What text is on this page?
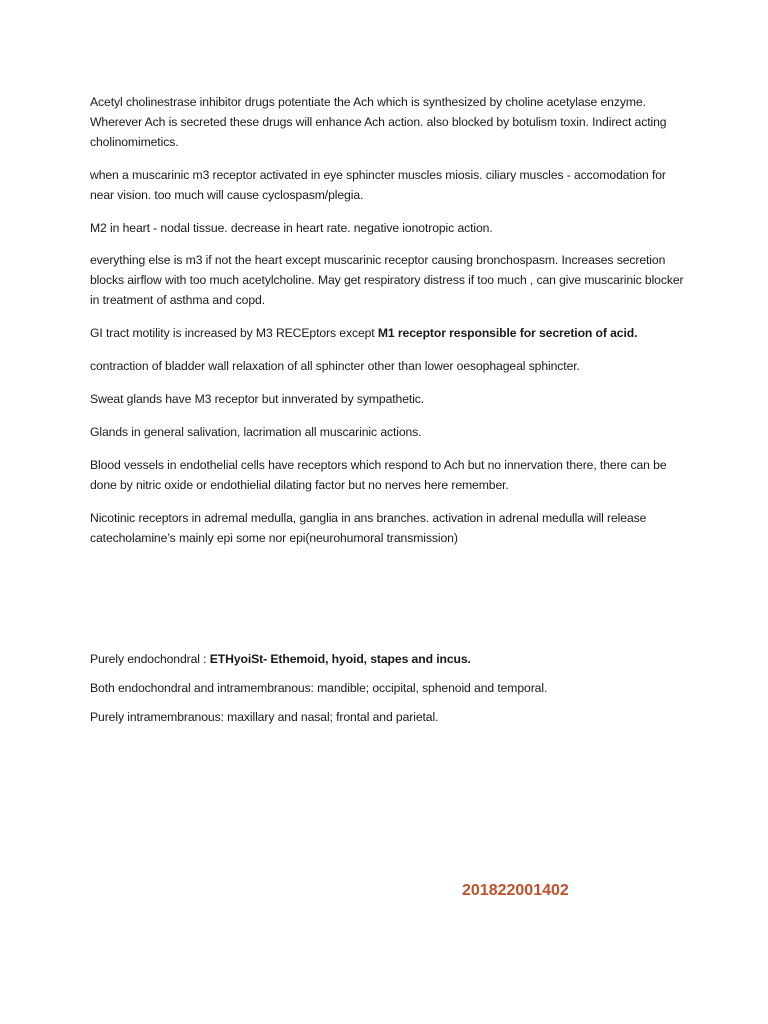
Acetyl cholinestrase inhibitor drugs potentiate the Ach which is synthesized by choline acetylase enzyme. Wherever Ach is secreted these drugs will enhance Ach action. also blocked by botulism toxin. Indirect acting cholinomimetics.

when a muscarinic m3 receptor activated in eye sphincter muscles miosis. ciliary muscles - accomodation for near vision. too much will cause cyclospasm/plegia.

M2 in heart - nodal tissue. decrease in heart rate. negative ionotropic action.

everything else is m3 if not the heart except muscarinic receptor causing bronchospasm. Increases secretion blocks airflow with too much acetylcholine. May get respiratory distress if too much , can give muscarinic blocker in treatment of asthma and copd.

GI tract motility is increased by M3 RECEptors except M1 receptor responsible for secretion of acid.

contraction of bladder wall relaxation of all sphincter other than lower oesophageal sphincter.

Sweat glands have M3 receptor but innverated by sympathetic.

Glands in general salivation, lacrimation all muscarinic actions.

Blood vessels in endothelial cells have receptors which respond to Ach but no innervation there, there can be done by nitric oxide or endothielial dilating factor but no nerves here remember.

Nicotinic receptors in adremal medulla, ganglia in ans branches. activation in adrenal medulla will release catecholamine’s mainly epi some nor epi(neurohumoral transmission)

Purely endochondral : ETHyoiSt- Ethemoid, hyoid, stapes and incus.

Both endochondral and intramembranous: mandible; occipital, sphenoid and temporal.

Purely intramembranous: maxillary and nasal; frontal and parietal.

201822001402
